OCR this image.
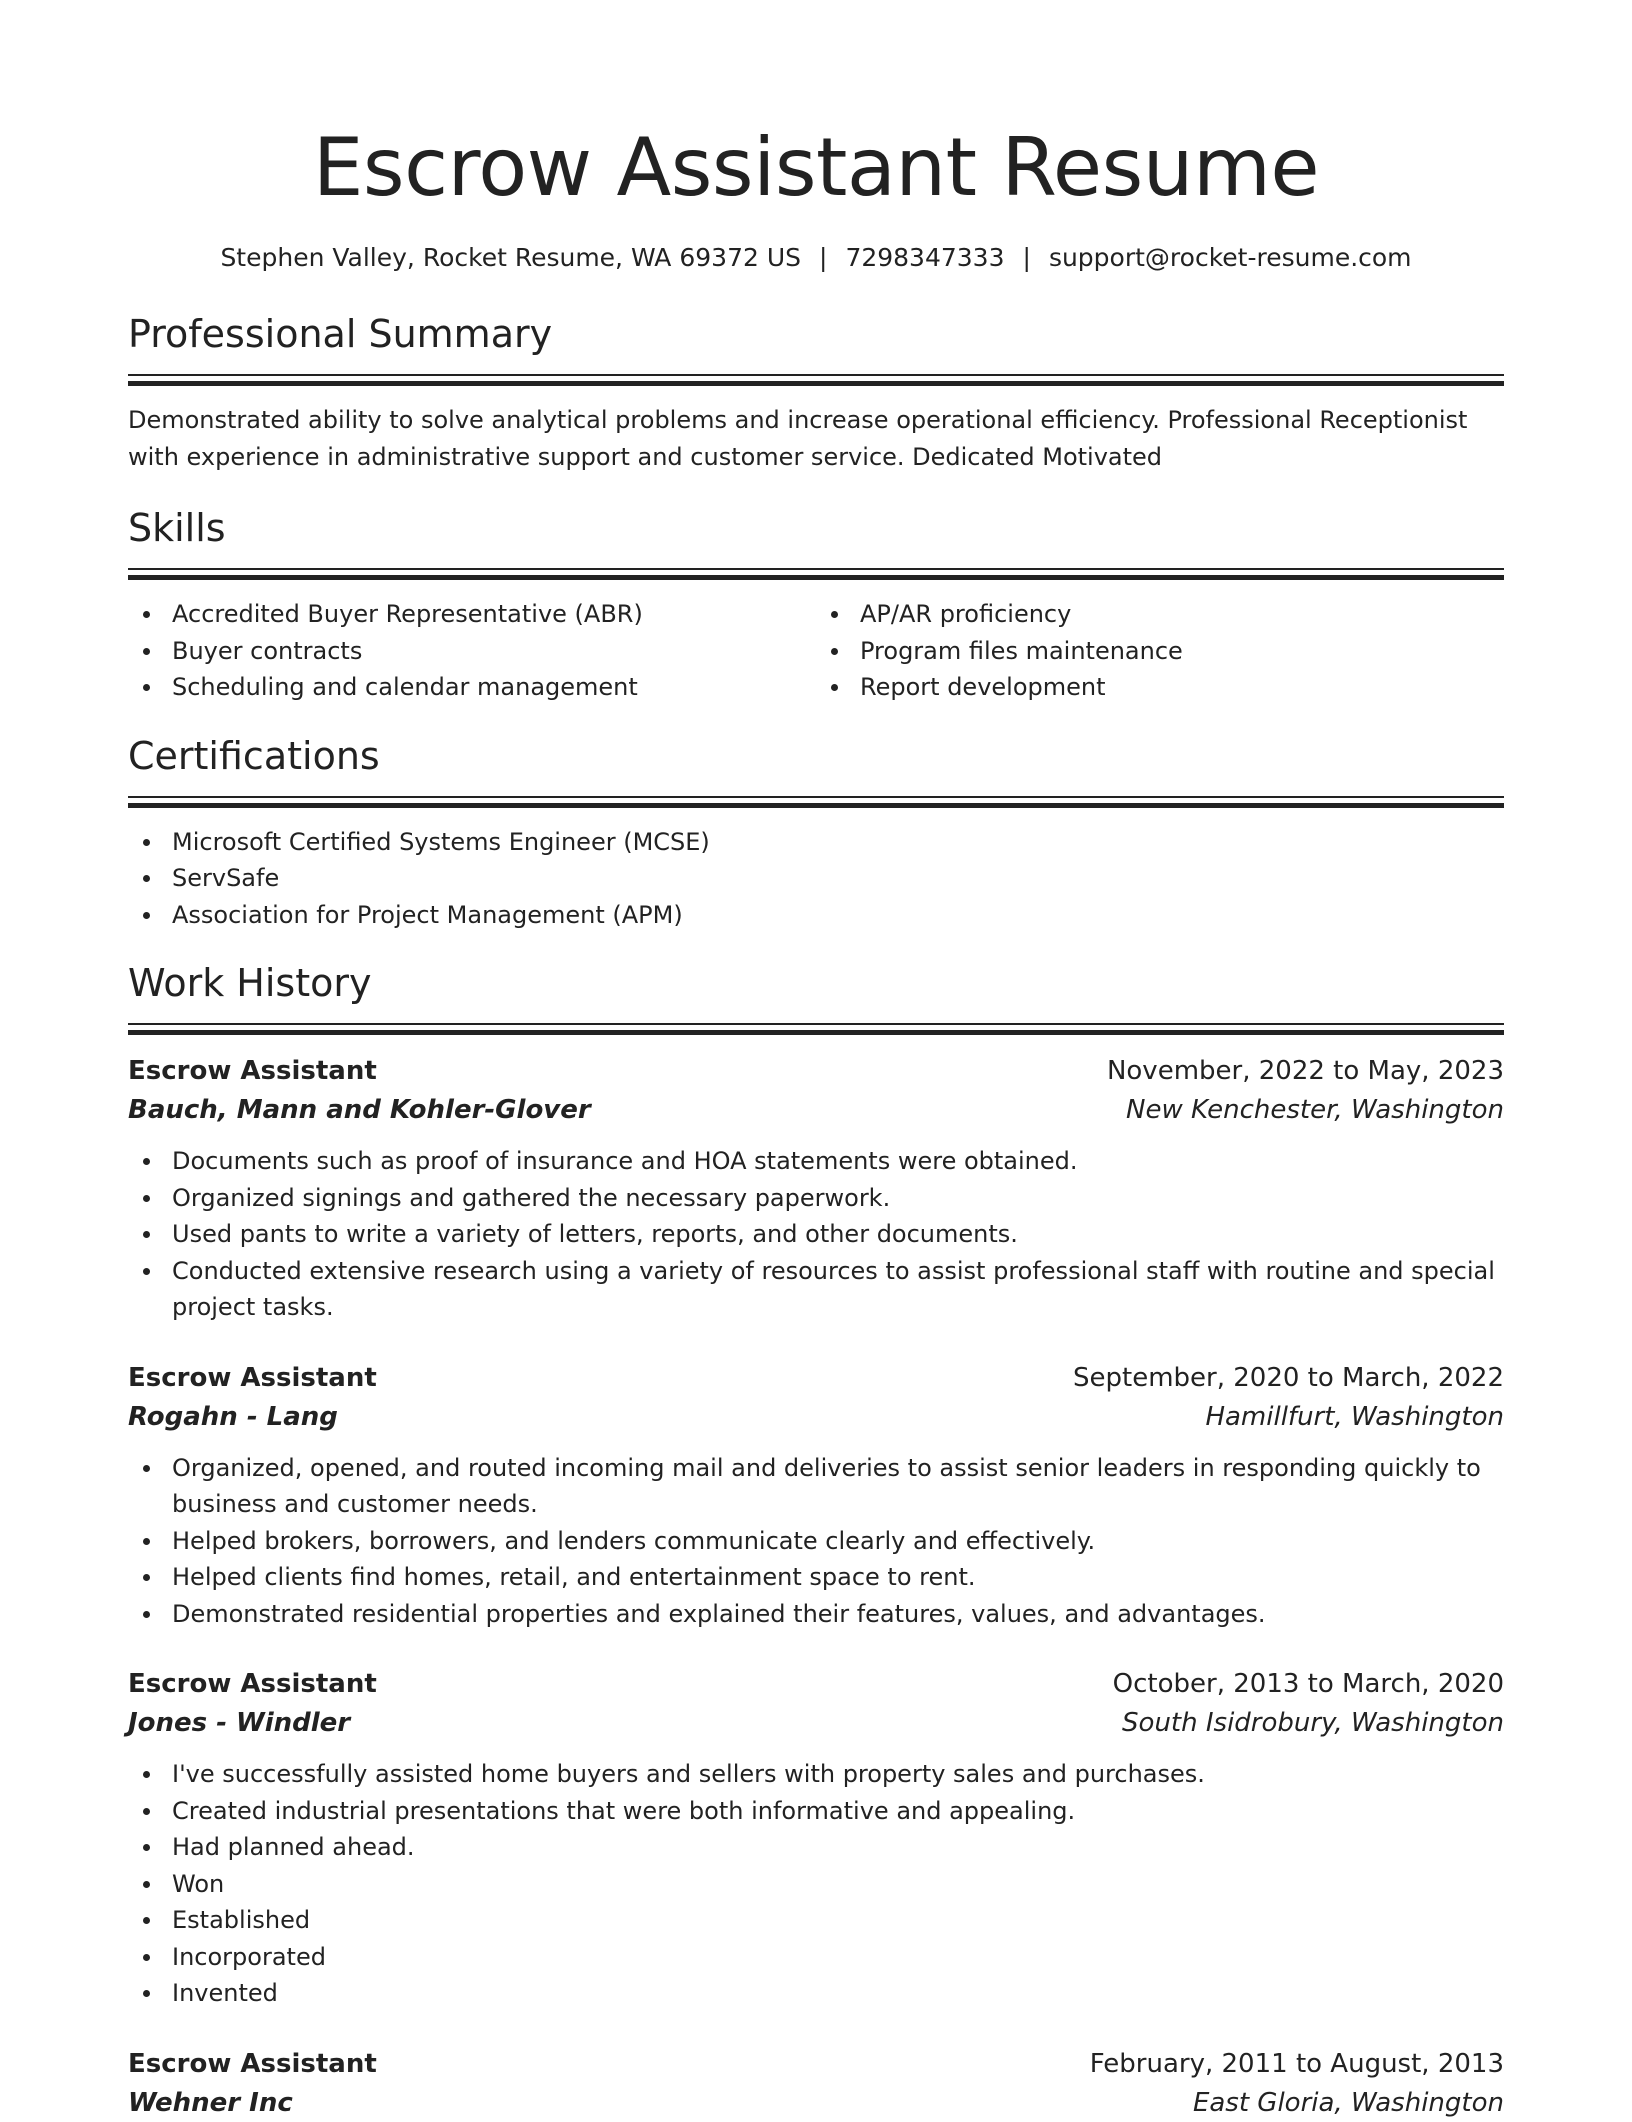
Escrow Assistant Resume
Stephen Valley, Rocket Resume, WA 69372 US | 7298347333 | support@rocket-resume.com
Professional Summary
Demonstrated ability to solve analytical problems and increase operational efficiency. Professional Receptionist with experience in administrative support and customer service. Dedicated Motivated
Skills
Accredited Buyer Representative (ABR)
Buyer contracts
Scheduling and calendar management
AP/AR proficiency
Program files maintenance
Report development
Certifications
Microsoft Certified Systems Engineer (MCSE)
ServSafe
Association for Project Management (APM)
Work History
Escrow Assistant	November, 2022 to May, 2023
Bauch, Mann and Kohler-Glover	New Kenchester, Washington
Documents such as proof of insurance and HOA statements were obtained.
Organized signings and gathered the necessary paperwork.
Used pants to write a variety of letters, reports, and other documents.
Conducted extensive research using a variety of resources to assist professional staff with routine and special project tasks.
Escrow Assistant	September, 2020 to March, 2022
Rogahn - Lang	Hamillfurt, Washington
Organized, opened, and routed incoming mail and deliveries to assist senior leaders in responding quickly to business and customer needs.
Helped brokers, borrowers, and lenders communicate clearly and effectively.
Helped clients find homes, retail, and entertainment space to rent.
Demonstrated residential properties and explained their features, values, and advantages.
Escrow Assistant	October, 2013 to March, 2020
Jones - Windler	South Isidrobury, Washington
I've successfully assisted home buyers and sellers with property sales and purchases.
Created industrial presentations that were both informative and appealing.
Had planned ahead.
Won
Established
Incorporated
Invented
Escrow Assistant	February, 2011 to August, 2013
Wehner Inc	East Gloria, Washington
